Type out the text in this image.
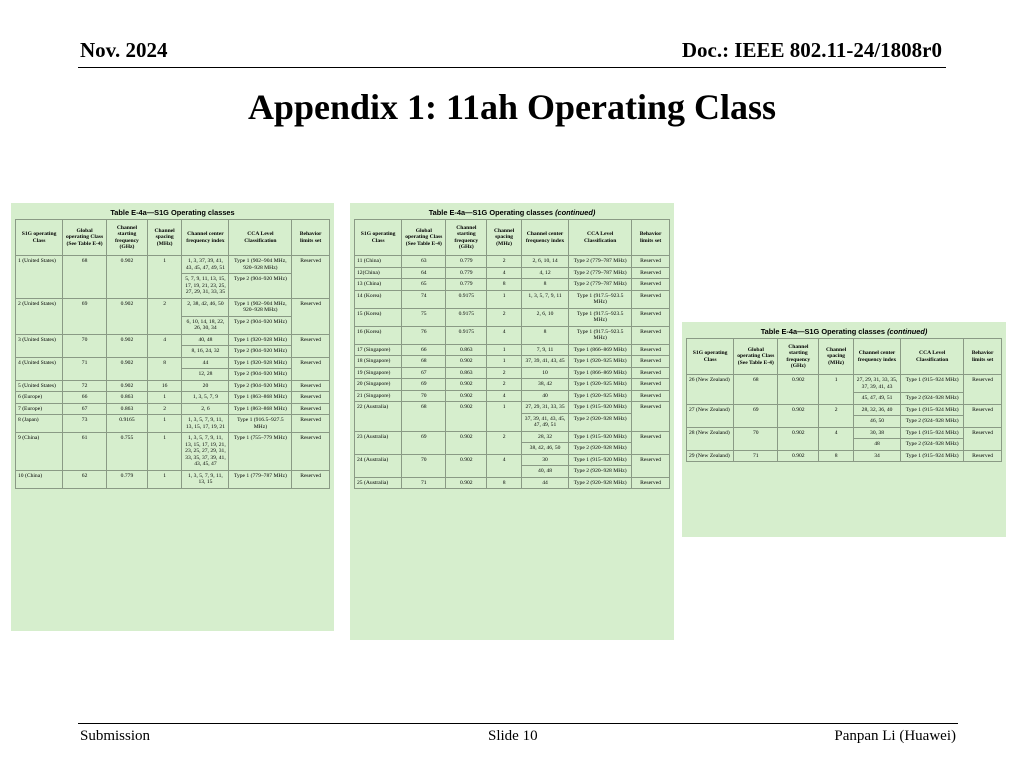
Nov. 2024	Doc.: IEEE 802.11-24/1808r0
Appendix 1: 11ah Operating Class
Table E-4a—S1G Operating classes
S1G operating Class	Global operating Class (See Table E-4)	Channel starting frequency (GHz)	Channel spacing (MHz)	Channel center frequency index	CCA Level Classification	Behavior limits set
1 (United States)	68	0.902	1	1, 3, 37, 39, 41, 43, 45, 47, 49, 51	Type 1 (902–904 MHz, 920–928 MHz)	Reserved
				5, 7, 9, 11, 13, 15, 17, 19, 21, 23, 25, 27, 29, 31, 33, 35	Type 2 (904–920 MHz)	
2 (United States)	69	0.902	2	2, 38, 42, 46, 50	Type 1 (902–904 MHz, 920–928 MHz)	Reserved
				6, 10, 14, 18, 22, 26, 30, 34	Type 2 (904–920 MHz)	
3 (United States)	70	0.902	4	40, 48	Type 1 (920–928 MHz)	Reserved
				8, 16, 24, 32	Type 2 (904–920 MHz)	
4 (United States)	71	0.902	8	44	Type 1 (920–928 MHz)	Reserved
				12, 28	Type 2 (904–920 MHz)	
5 (United States)	72	0.902	16	20	Type 2 (904–920 MHz)	Reserved
6 (Europe)	66	0.863	1	1, 3, 5, 7, 9	Type 1 (863–868 MHz)	Reserved
7 (Europe)	67	0.863	2	2, 6	Type 1 (863–868 MHz)	Reserved
8 (Japan)	73	0.9165	1	1, 3, 5, 7, 9, 11, 13, 15, 17, 19, 21	Type 1 (916.5–927.5 MHz)	Reserved
9 (China)	61	0.755	1	1, 3, 5, 7, 9, 11, 13, 15, 17, 19, 21, 23, 25, 27, 29, 31, 33, 35, 37, 39, 41, 43, 45, 47	Type 1 (755–779 MHz)	Reserved
10 (China)	62	0.779	1	1, 3, 5, 7, 9, 11, 13, 15	Type 1 (779–787 MHz)	Reserved
Table E-4a—S1G Operating classes (continued)
S1G operating Class	Global operating Class (See Table E-4)	Channel starting frequency (GHz)	Channel spacing (MHz)	Channel center frequency index	CCA Level Classification	Behavior limits set
11 (China)	63	0.779	2	2, 6, 10, 14	Type 2 (779–787 MHz)	Reserved
12(China)	64	0.779	4	4, 12	Type 2 (779–787 MHz)	Reserved
13 (China)	65	0.779	8	8	Type 2 (779–787 MHz)	Reserved
14 (Korea)	74	0.9175	1	1, 3, 5, 7, 9, 11	Type 1 (917.5–923.5 MHz)	Reserved
15 (Korea)	75	0.9175	2	2, 6, 10	Type 1 (917.5–923.5 MHz)	Reserved
16 (Korea)	76	0.9175	4	8	Type 1 (917.5–923.5 MHz)	Reserved
17 (Singapore)	66	0.863	1	7, 9, 11	Type 1 (866–869 MHz)	Reserved
18 (Singapore)	68	0.902	1	37, 39, 41, 43, 45	Type 1 (920–925 MHz)	Reserved
19 (Singapore)	67	0.863	2	10	Type 1 (866–869 MHz)	Reserved
20 (Singapore)	69	0.902	2	38, 42	Type 1 (920–925 MHz)	Reserved
21 (Singapore)	70	0.902	4	40	Type 1 (920–925 MHz)	Reserved
22 (Australia)	68	0.902	1	27, 29, 31, 33, 35	Type 1 (915–920 MHz)	Reserved
				37, 39, 41, 43, 45, 47, 49, 51	Type 2 (920–928 MHz)	
23 (Australia)	69	0.902	2	28, 32	Type 1 (915–920 MHz)	Reserved
				38, 42, 46, 50	Type 2 (920–928 MHz)	
24 (Australia)	70	0.902	4	30	Type 1 (915–920 MHz)	Reserved
				40, 48	Type 2 (920–928 MHz)	
25 (Australia)	71	0.902	8	44	Type 2 (920–928 MHz)	Reserved
Table E-4a—S1G Operating classes (continued)
S1G operating Class	Global operating Class (See Table E-4)	Channel starting frequency (GHz)	Channel spacing (MHz)	Channel center frequency index	CCA Level Classification	Behavior limits set
26 (New Zealand)	68	0.902	1	27, 29, 31, 33, 35, 37, 39, 41, 43	Type 1 (915–924 MHz)	Reserved
				45, 47, 49, 51	Type 2 (924–928 MHz)	
27 (New Zealand)	69	0.902	2	28, 32, 36, 40	Type 1 (915–924 MHz)	Reserved
				46, 50	Type 2 (924–928 MHz)	
28 (New Zealand)	70	0.902	4	30, 38	Type 1 (915–924 MHz)	Reserved
				48	Type 2 (924–928 MHz)	
29 (New Zealand)	71	0.902	8	34	Type 1 (915–924 MHz)	Reserved
Submission	Slide 10	Panpan Li (Huawei)
